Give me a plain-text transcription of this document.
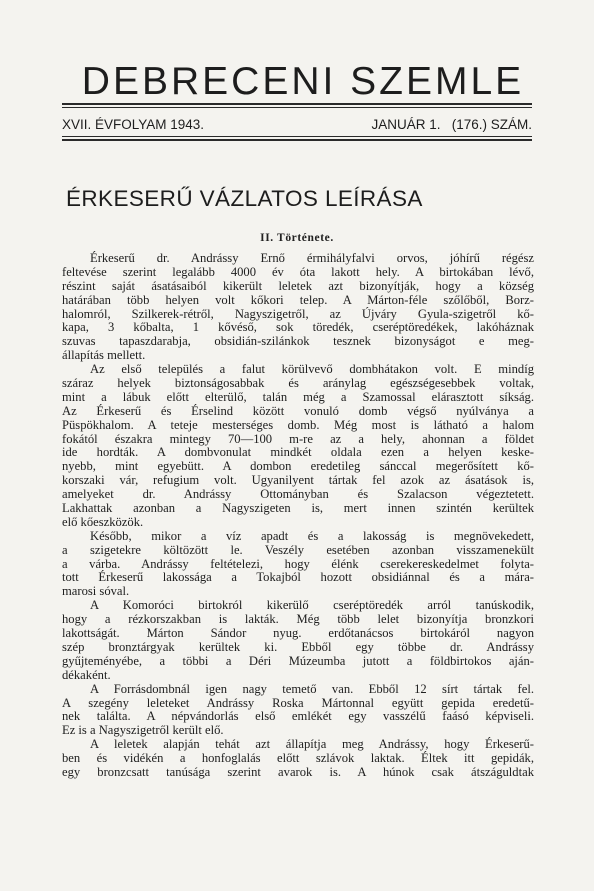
DEBRECENI SZEMLE
XVII. ÉVFOLYAM 1943.	JANUÁR 1.   (176.) SZÁM.
ÉRKESERŰ VÁZLATOS LEÍRÁSA
II. Története.
Érkeserű dr. Andrássy Ernő érmihályfalvi orvos, jóhírű régész
feltevése szerint legalább 4000 év óta lakott hely. A birtokában lévő,
részint saját ásatásaiból kikerült leletek azt bizonyítják, hogy a község
határában több helyen volt kőkori telep. A Márton-féle szőlőből, Borz-
halomról, Szilkerek-rétről, Nagyszigetről, az Újváry Gyula-szigetről kő-
kapa, 3 kőbalta, 1 kővéső, sok töredék, cseréptöredékek, lakóháznak
szuvas tapaszdarabja, obsidián-szilánkok tesznek bizonyságot e meg-
állapítás mellett.
Az első település a falut körülvevő dombhátakon volt. E mindíg
száraz helyek biztonságosabbak és aránylag egészségesebbek voltak,
mint a lábuk előtt elterülő, talán még a Szamossal elárasztott síkság.
Az Érkeserű és Érselind között vonuló domb végső nyúlványa a
Püspökhalom. A teteje mesterséges domb. Még most is látható a halom
fokától északra mintegy 70—100 m-re az a hely, ahonnan a földet
ide hordták. A dombvonulat mindkét oldala ezen a helyen keske-
nyebb, mint egyebütt. A dombon eredetileg sánccal megerősített kő-
korszaki vár, refugium volt. Ugyanilyent tártak fel azok az ásatások is,
amelyeket dr. Andrássy Ottományban és Szalacson végeztetett.
Lakhattak azonban a Nagyszigeten is, mert innen szintén kerültek
elő kőeszközök.
Később, mikor a víz apadt és a lakosság is megnövekedett,
a szigetekre költözött le. Veszély esetében azonban visszamenekült
a várba. Andrássy feltételezi, hogy élénk cserekereskedelmet folyta-
tott Érkeserű lakossága a Tokajból hozott obsidiánnal és a mára-
marosi sóval.
A Komoróci birtokról kikerülő cseréptöredék arról tanúskodik,
hogy a rézkorszakban is lakták. Még több lelet bizonyítja bronzkori
lakottságát. Márton Sándor nyug. erdőtanácsos birtokáról nagyon
szép bronztárgyak kerültek ki. Ebből egy többe dr. Andrássy
gyűjteményébe, a többi a Déri Múzeumba jutott a földbirtokos aján-
dékaként.
A Forrásdombnál igen nagy temető van. Ebből 12 sírt tártak fel.
A szegény leleteket Andrássy Roska Mártonnal együtt gepida eredetű-
nek találta. A népvándorlás első emlékét egy vasszélű faásó képviseli.
Ez is a Nagyszigetről került elő.
A leletek alapján tehát azt állapítja meg Andrássy, hogy Érkeserű-
ben és vidékén a honfoglalás előtt szlávok laktak. Éltek itt gepidák,
egy bronzcsatt tanúsága szerint avarok is. A húnok csak átszáguldtak
